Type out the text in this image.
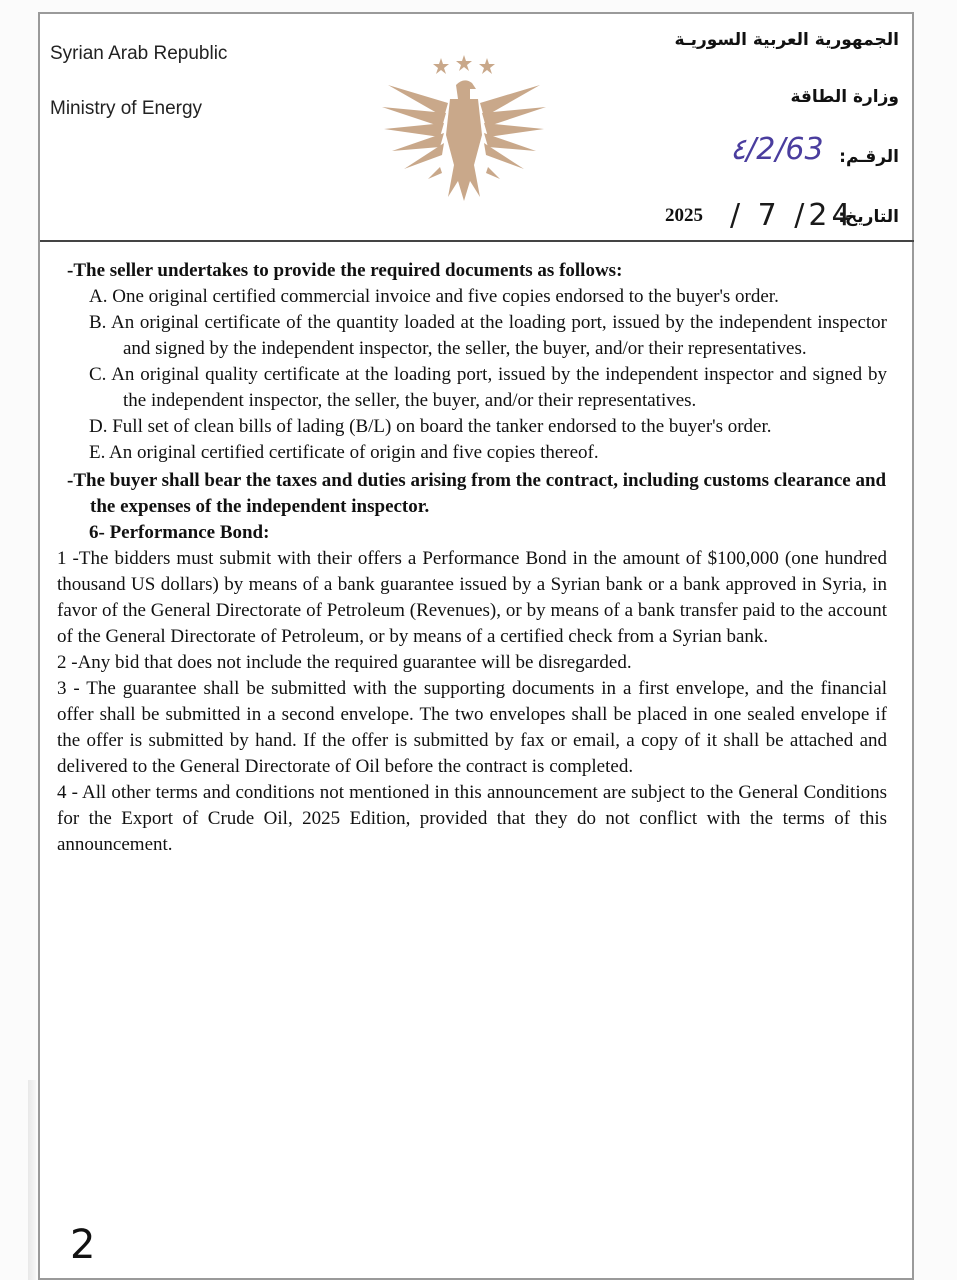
Syrian Arab Republic
Ministry of Energy
الجمهورية العربية السوريـة
وزارة الطاقة
الرقـم:
٤/2/63
التاريخ:
2025 / 7 /24

-The seller undertakes to provide the required documents as follows:

A. One original certified commercial invoice and five copies endorsed to the buyer's order.

B. An original certificate of the quantity loaded at the loading port, issued by the independent inspector and signed by the independent inspector, the seller, the buyer, and/or their representatives.

C. An original quality certificate at the loading port, issued by the independent inspector and signed by the independent inspector, the seller, the buyer, and/or their representatives.

D. Full set of clean bills of lading (B/L) on board the tanker endorsed to the buyer's order.

E. An original certified certificate of origin and five copies thereof.

-The buyer shall bear the taxes and duties arising from the contract, including customs clearance and the expenses of the independent inspector.

6- Performance Bond:

1 -The bidders must submit with their offers a Performance Bond in the amount of $100,000 (one hundred thousand US dollars) by means of a bank guarantee issued by a Syrian bank or a bank approved in Syria, in favor of the General Directorate of Petroleum (Revenues), or by means of a bank transfer paid to the account of the General Directorate of Petroleum, or by means of a certified check from a Syrian bank.

2 -Any bid that does not include the required guarantee will be disregarded.

3 - The guarantee shall be submitted with the supporting documents in a first envelope, and the financial offer shall be submitted in a second envelope. The two envelopes shall be placed in one sealed envelope if the offer is submitted by hand. If the offer is submitted by fax or email, a copy of it shall be attached and delivered to the General Directorate of Oil before the contract is completed.

4 - All other terms and conditions not mentioned in this announcement are subject to the General Conditions for the Export of Crude Oil, 2025 Edition, provided that they do not conflict with the terms of this announcement.

2
